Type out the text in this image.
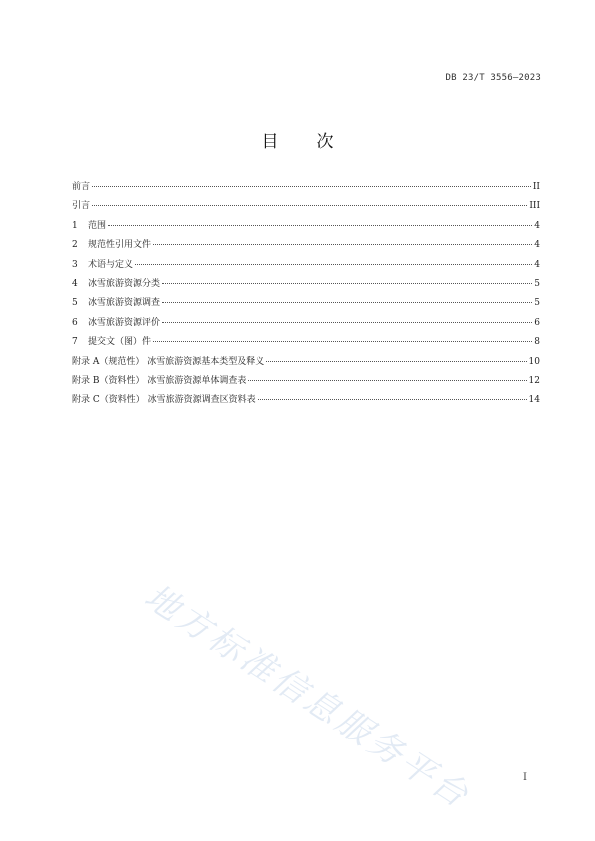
DB 23/T 3556—2023
目 次
前言	II
引言	III
1	范围	4
2	规范性引用文件	4
3	术语与定义	4
4	冰雪旅游资源分类	5
5	冰雪旅游资源调查	5
6	冰雪旅游资源评价	6
7	提交文（图）件	8
附录 A（规范性） 冰雪旅游资源基本类型及释义	10
附录 B（资料性） 冰雪旅游资源单体调查表	12
附录 C（资料性） 冰雪旅游资源调查区资料表	14
地方标准信息服务平台	I
